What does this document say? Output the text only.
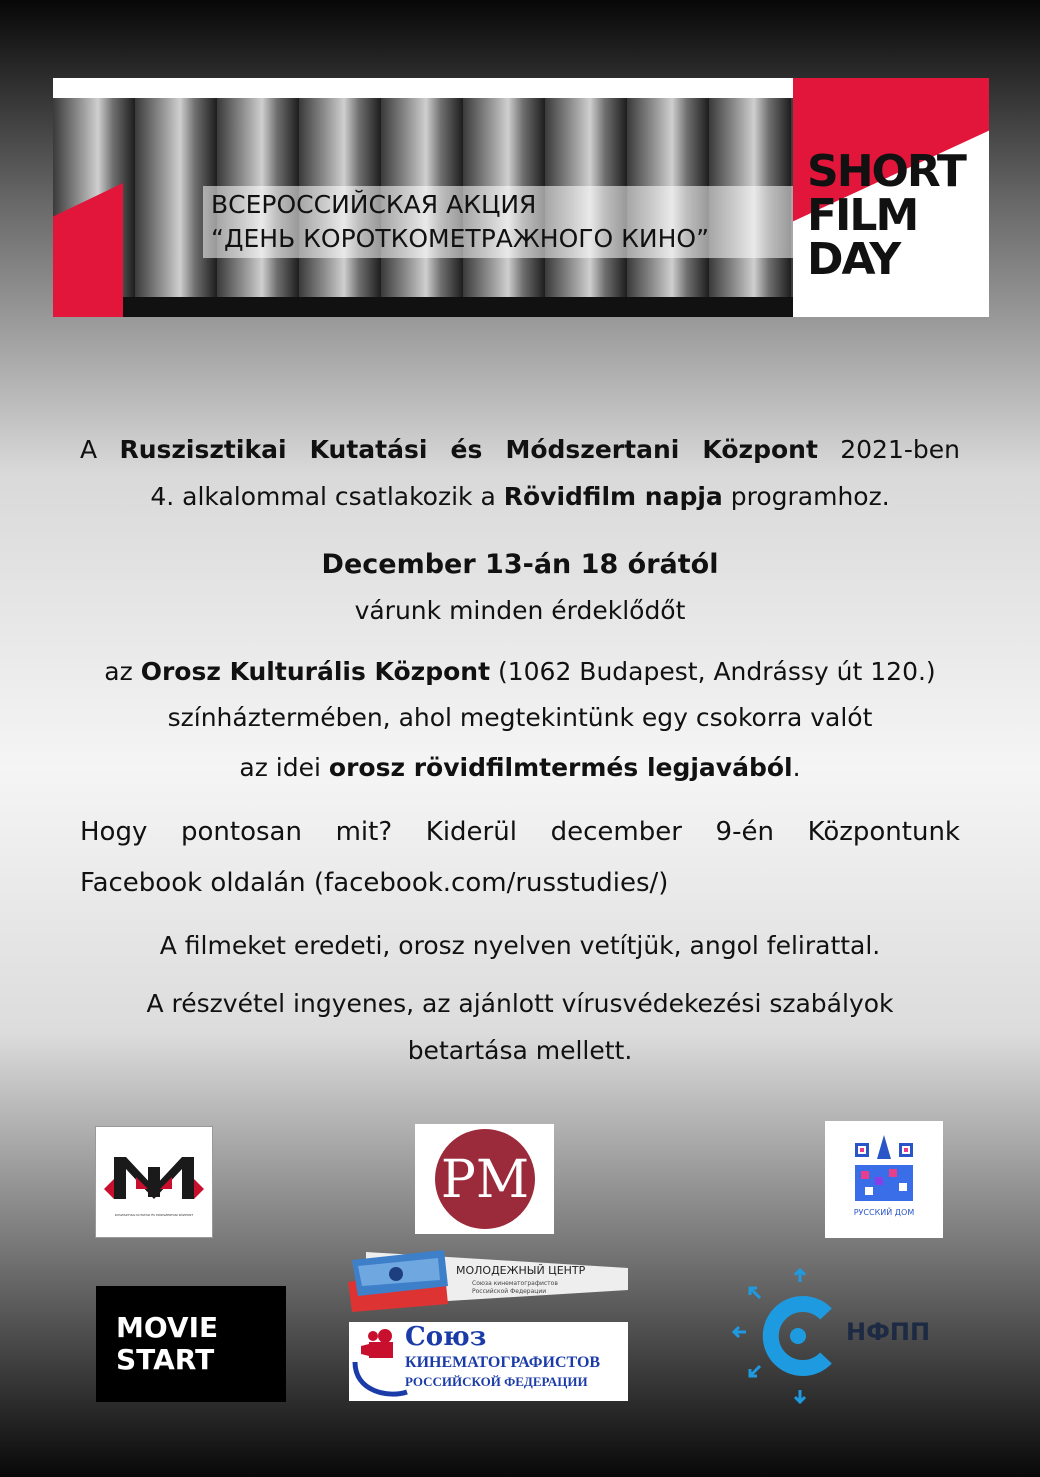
ВСЕРОССИЙСКАЯ АКЦИЯ
“ДЕНЬ КОРОТКОМЕТРАЖНОГО КИНО”
SHORT
FILM
DAY

A Ruszisztikai Kutatási és Módszertani Központ 2021-ben

4. alkalommal csatlakozik a Rövidfilm napja programhoz.

December 13-án 18 órától

várunk minden érdeklődőt

az Orosz Kulturális Központ (1062 Budapest, Andrássy út 120.)

színháztermében, ahol megtekintünk egy csokorra valót

az idei orosz rövidfilmtermés legjavából.

Hogy pontosan mit? Kiderül december 9-én Központunk

Facebook oldalán (facebook.com/russtudies/)

A filmeket eredeti, orosz nyelven vetítjük, angol felirattal.

A részvétel ingyenes, az ajánlott vírusvédekezési szabályok

betartása mellett.

RUSZISZTIKAI KUTATÁSI ÉS MÓDSZERTANI KÖZPONT
РМ
РУССКИЙ ДОМ
MOVIE
START
МОЛОДЕЖНЫЙ ЦЕНТР
Союза кинематографистов
Российской Федерации
Союз
КИНЕМАТОГРАФИСТОВ
РОССИЙСКОЙ ФЕДЕРАЦИИ
НФПП
